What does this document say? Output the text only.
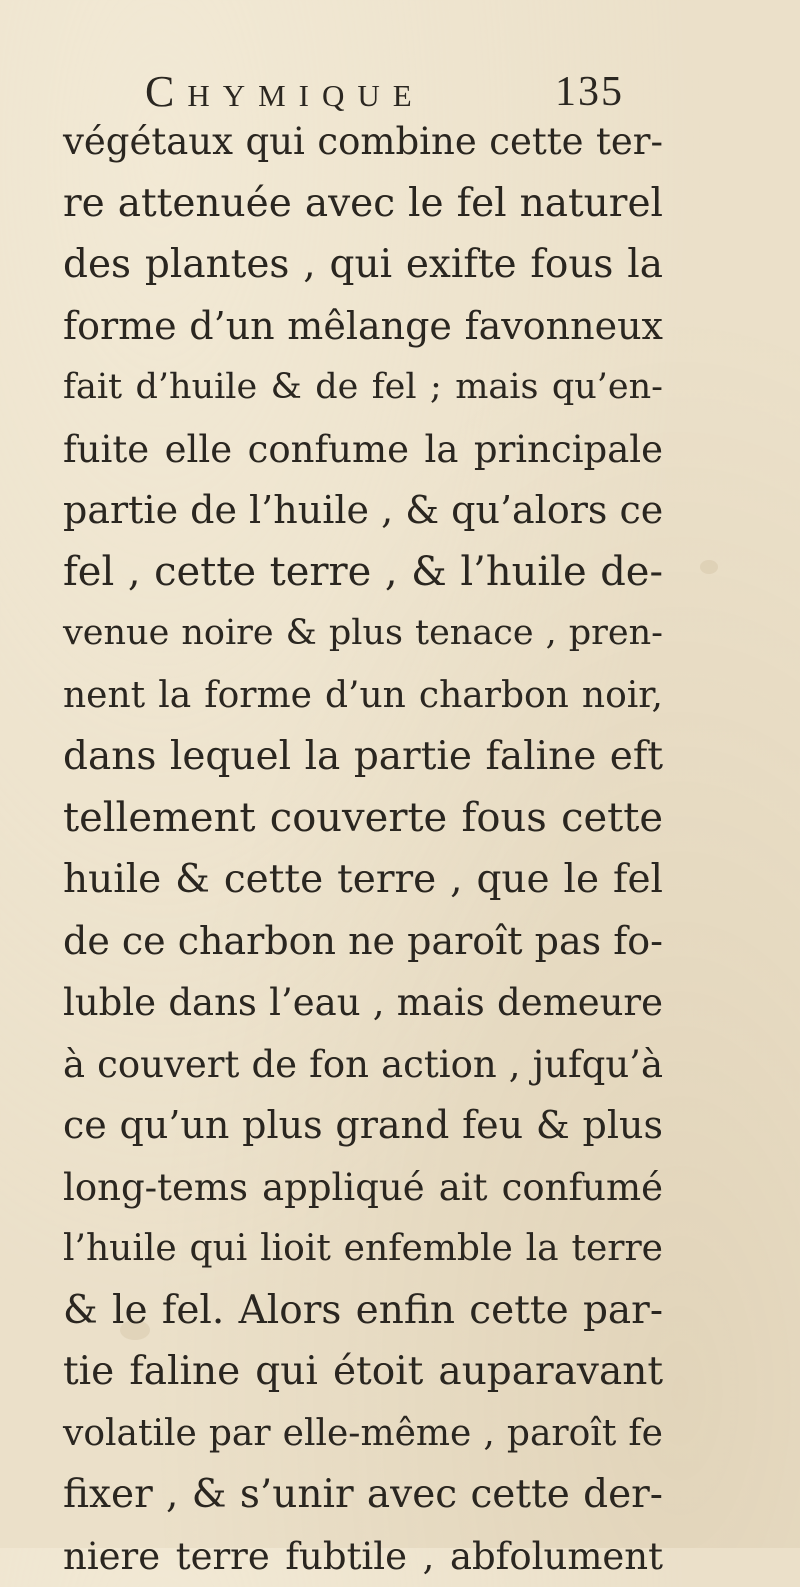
Chymique	135
végétaux qui combine cette ter-
re attenuée avec le fel naturel
des plantes , qui exifte fous la
forme d’un mêlange favonneux
fait d’huile & de fel ; mais qu’en-
fuite elle confume la principale
partie de l’huile , & qu’alors ce
fel , cette terre , & l’huile de-
venue noire & plus tenace , pren-
nent la forme d’un charbon noir,
dans lequel la partie faline eft
tellement couverte fous cette
huile & cette terre , que le fel
de ce charbon ne paroît pas fo-
luble dans l’eau , mais demeure
à couvert de fon action , jufqu’à
ce qu’un plus grand feu & plus
long-tems appliqué ait confumé
l’huile qui lioit enfemble la terre
& le fel. Alors enfin cette par-
tie faline qui étoit auparavant
volatile par elle-même , paroît fe
fixer , & s’unir avec cette der-
niere terre fubtile , abfolument
